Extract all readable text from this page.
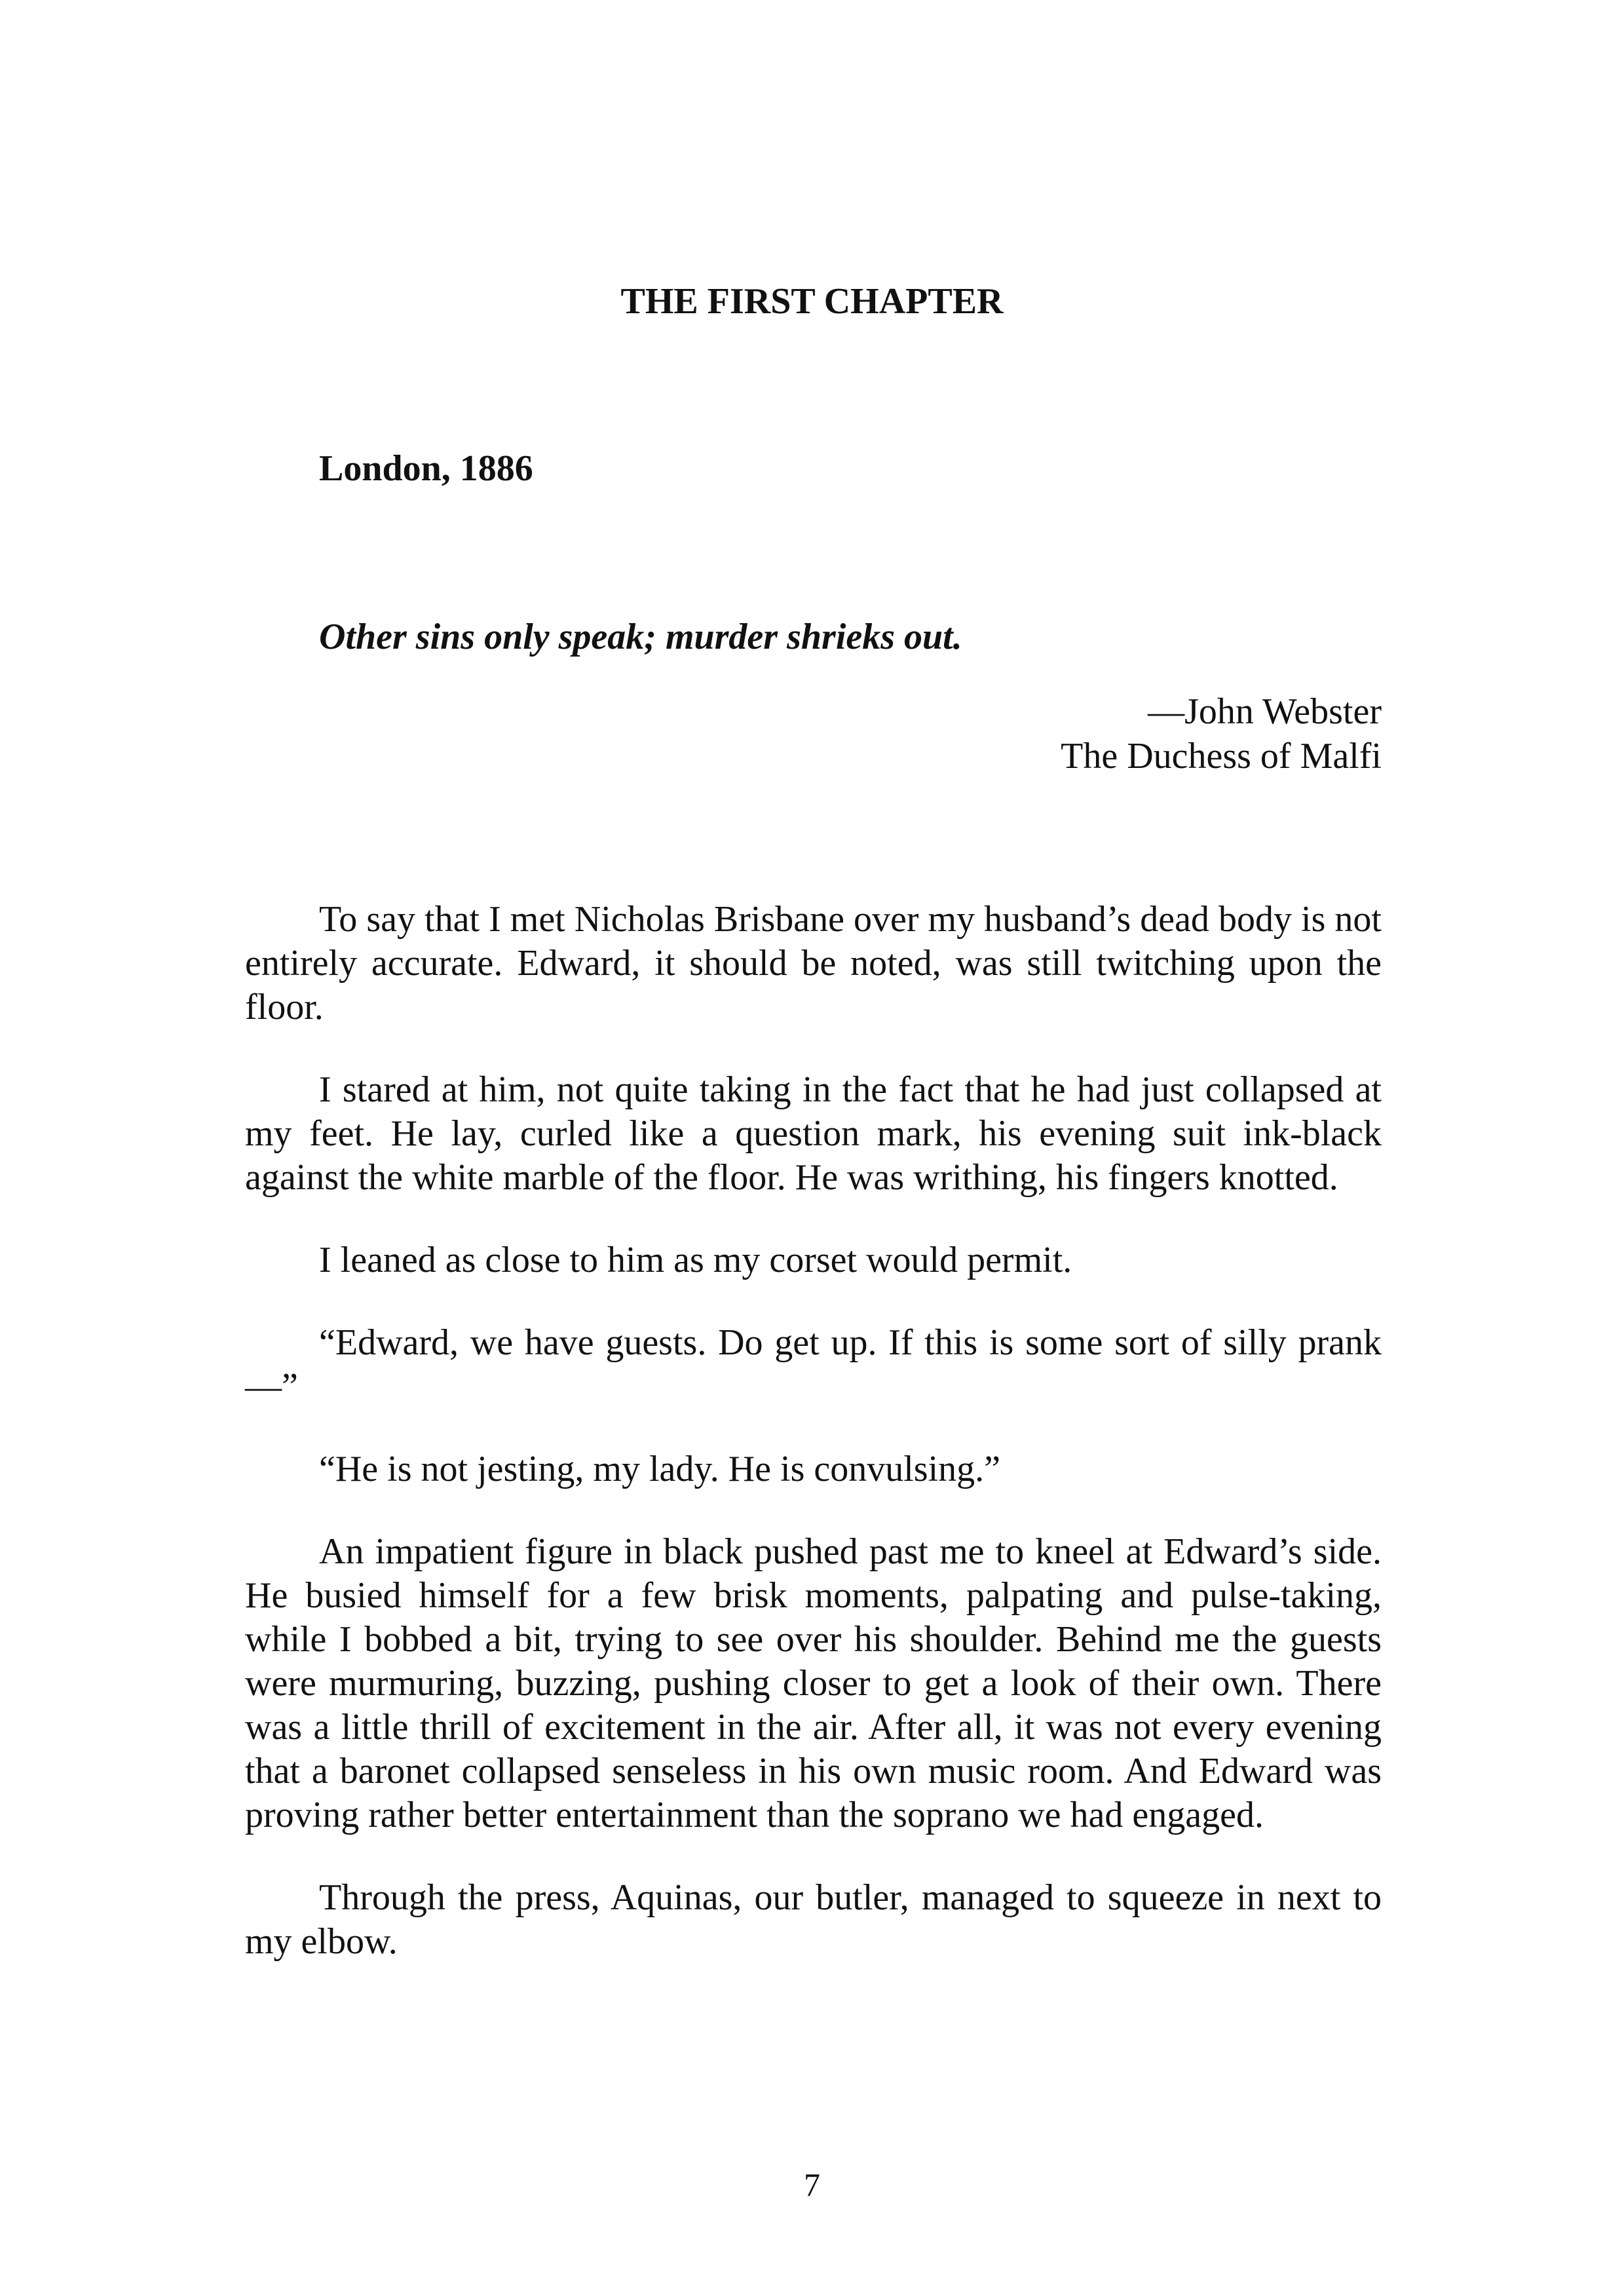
THE FIRST CHAPTER
London, 1886
Other sins only speak; murder shrieks out.
—John Webster
The Duchess of Malfi

To say that I met Nicholas Brisbane over my husband’s dead body is not entirely accurate. Edward, it should be noted, was still twitching upon the floor.

I stared at him, not quite taking in the fact that he had just collapsed at my feet. He lay, curled like a question mark, his evening suit ink-black against the white marble of the floor. He was writhing, his fingers knotted.

I leaned as close to him as my corset would permit.

“Edward, we have guests. Do get up. If this is some sort of silly prank—”

“He is not jesting, my lady. He is convulsing.”

An impatient figure in black pushed past me to kneel at Edward’s side. He busied himself for a few brisk moments, palpating and pulse-taking, while I bobbed a bit, trying to see over his shoulder. Behind me the guests were murmuring, buzzing, pushing closer to get a look of their own. There was a little thrill of excitement in the air. After all, it was not every evening that a baronet collapsed senseless in his own music room. And Edward was proving rather better entertainment than the soprano we had engaged.

Through the press, Aquinas, our butler, managed to squeeze in next to my elbow.

7
